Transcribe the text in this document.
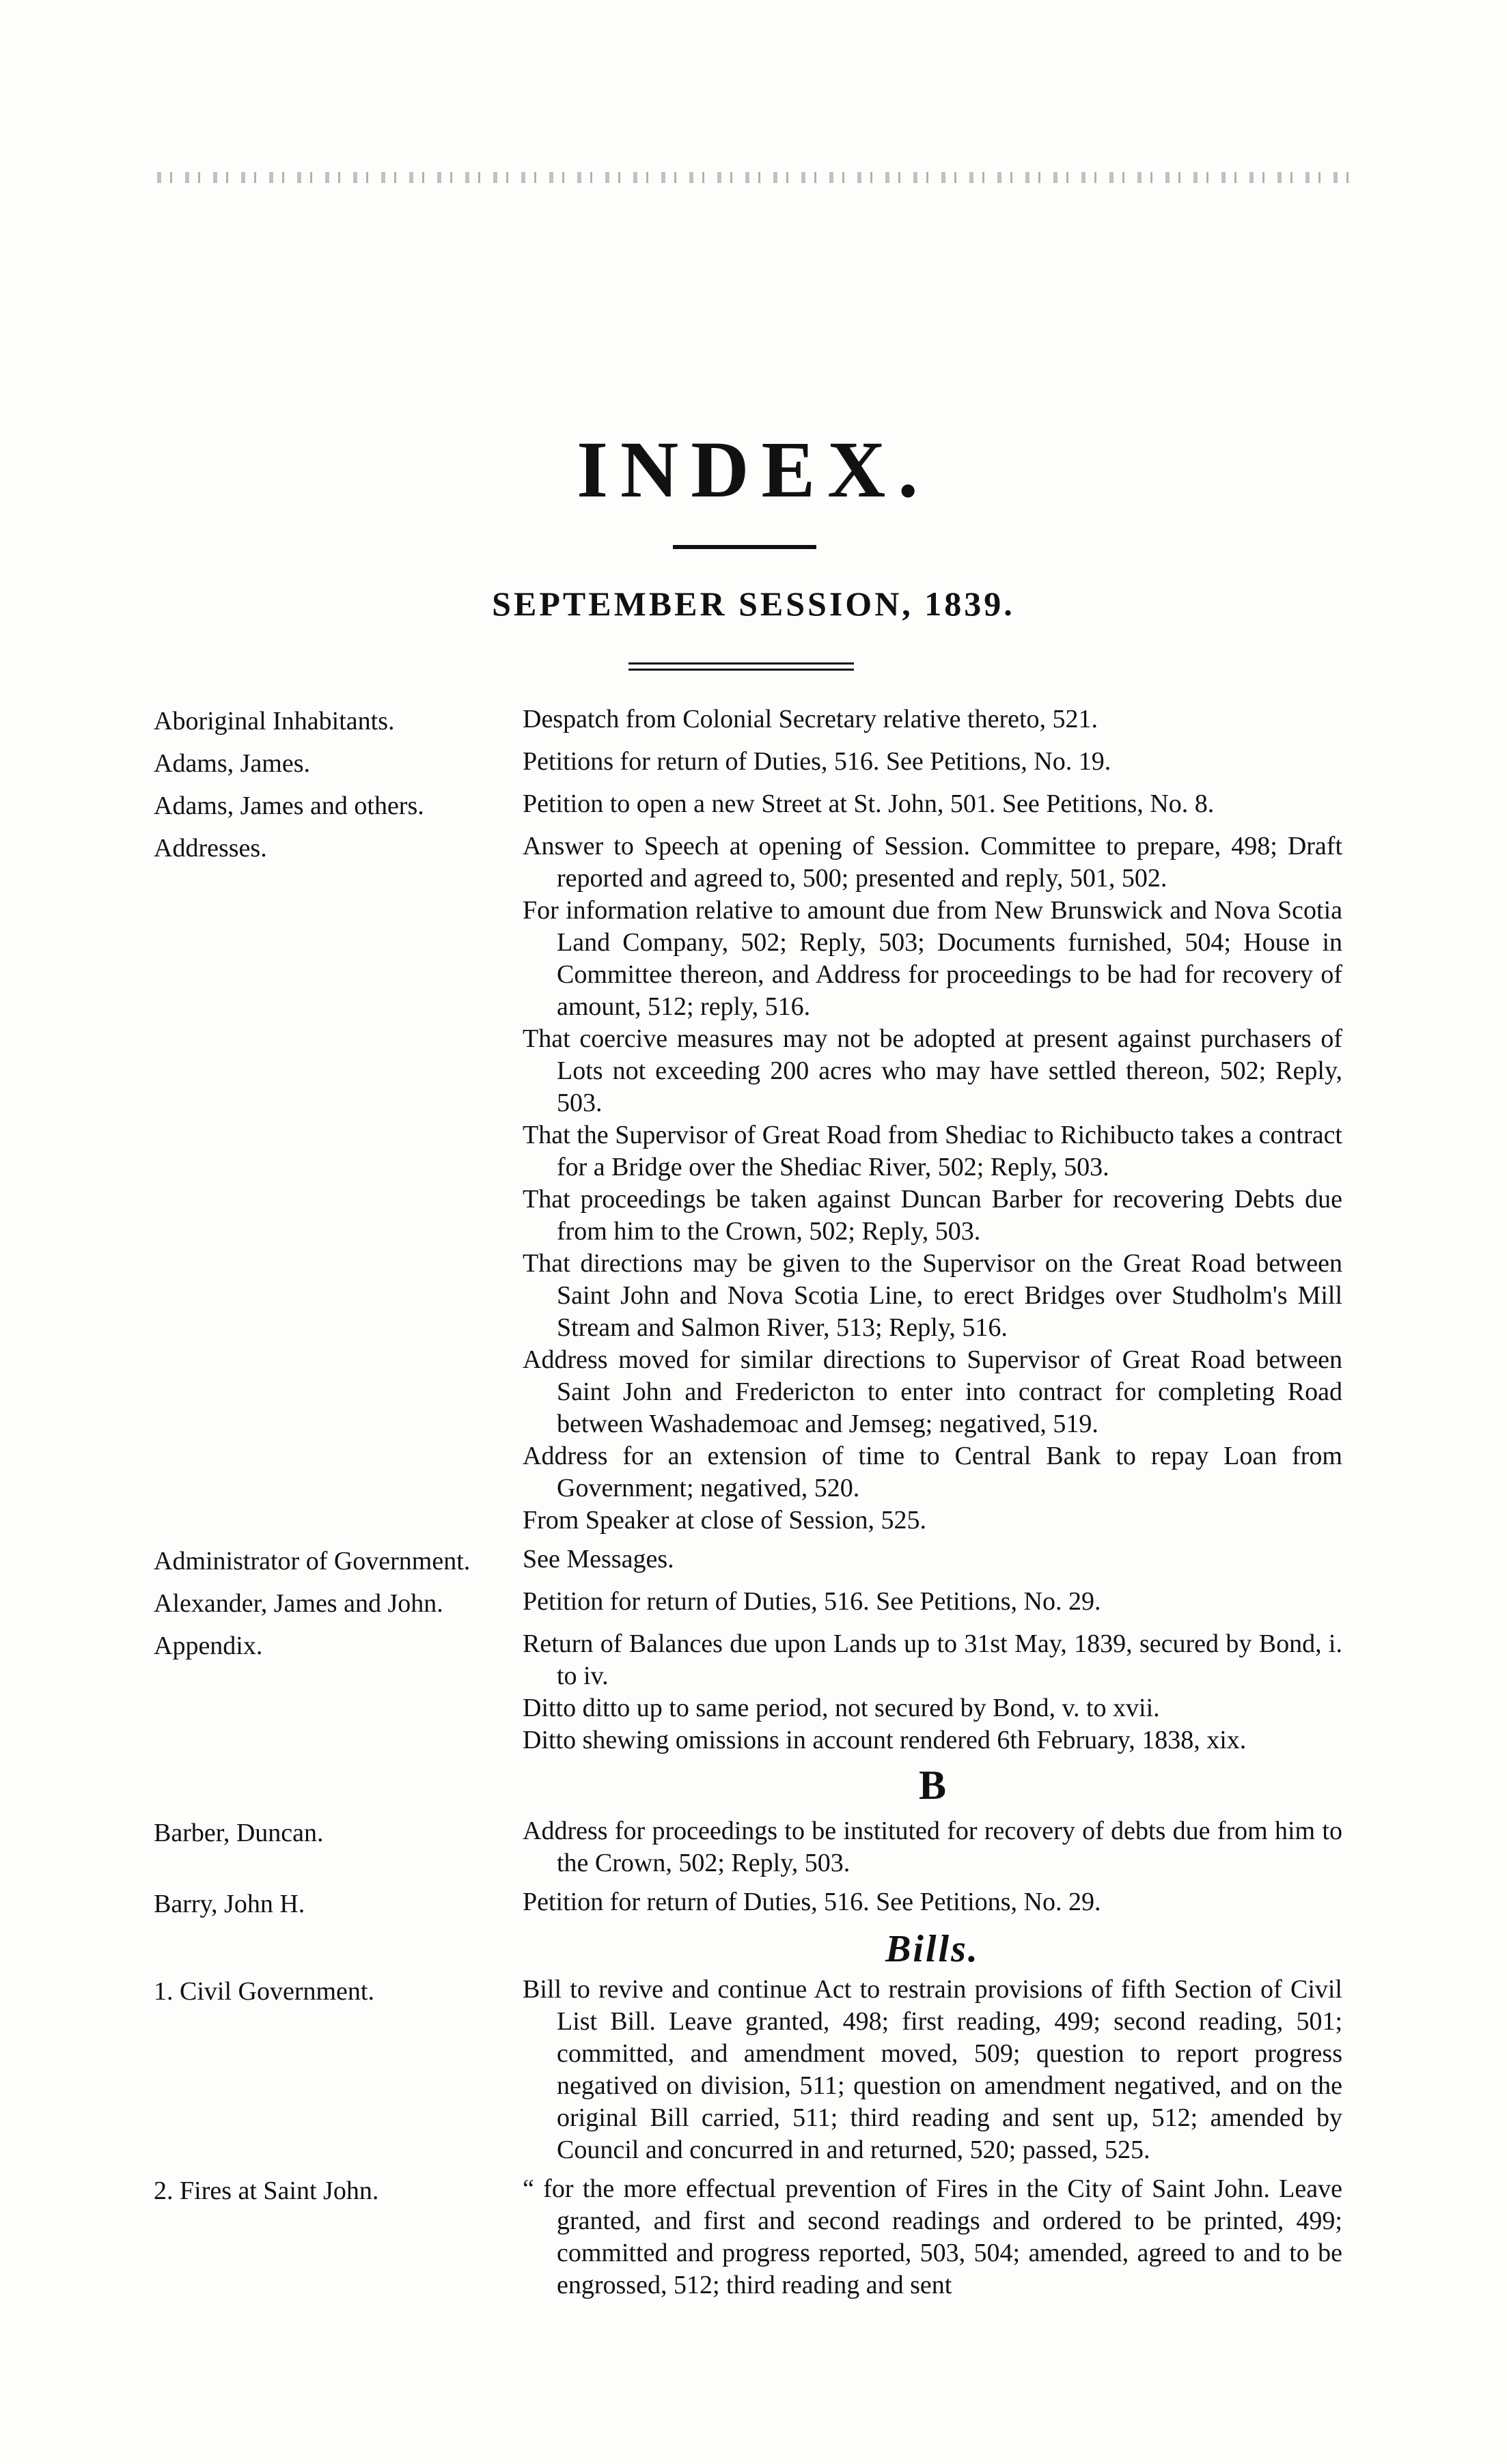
INDEX.
SEPTEMBER SESSION, 1839.
Aboriginal Inhabitants.	Despatch from Colonial Secretary relative thereto, 521.
Adams, James.	Petitions for return of Duties, 516. See Petitions, No. 19.
Adams, James and others.	Petition to open a new Street at St. John, 501. See Petitions, No. 8.
Addresses.	Answer to Speech at opening of Session. Committee to prepare, 498; Draft reported and agreed to, 500; presented and reply, 501, 502.
For information relative to amount due from New Brunswick and Nova Scotia Land Company, 502; Reply, 503; Documents furnished, 504; House in Committee thereon, and Address for proceedings to be had for recovery of amount, 512; reply, 516.
That coercive measures may not be adopted at present against purchasers of Lots not exceeding 200 acres who may have settled thereon, 502; Reply, 503.
That the Supervisor of Great Road from Shediac to Richibucto takes a contract for a Bridge over the Shediac River, 502; Reply, 503.
That proceedings be taken against Duncan Barber for recovering Debts due from him to the Crown, 502; Reply, 503.
That directions may be given to the Supervisor on the Great Road between Saint John and Nova Scotia Line, to erect Bridges over Studholm's Mill Stream and Salmon River, 513; Reply, 516.
Address moved for similar directions to Supervisor of Great Road between Saint John and Fredericton to enter into contract for completing Road between Washademoac and Jemseg; negatived, 519.
Address for an extension of time to Central Bank to repay Loan from Government; negatived, 520.
From Speaker at close of Session, 525.
Administrator of Government.	See Messages.
Alexander, James and John.	Petition for return of Duties, 516. See Petitions, No. 29.
Appendix.	Return of Balances due upon Lands up to 31st May, 1839, secured by Bond, i. to iv.
Ditto ditto up to same period, not secured by Bond, v. to xvii.
Ditto shewing omissions in account rendered 6th February, 1838, xix.
B
Barber, Duncan.	Address for proceedings to be instituted for recovery of debts due from him to the Crown, 502; Reply, 503.
Barry, John H.	Petition for return of Duties, 516. See Petitions, No. 29.
Bills.
1. Civil Government.	Bill to revive and continue Act to restrain provisions of fifth Section of Civil List Bill. Leave granted, 498; first reading, 499; second reading, 501; committed, and amendment moved, 509; question to report progress negatived on division, 511; question on amendment negatived, and on the original Bill carried, 511; third reading and sent up, 512; amended by Council and concurred in and returned, 520; passed, 525.
2. Fires at Saint John.	“ for the more effectual prevention of Fires in the City of Saint John. Leave granted, and first and second readings and ordered to be printed, 499; committed and progress reported, 503, 504; amended, agreed to and to be engrossed, 512; third reading and sent
